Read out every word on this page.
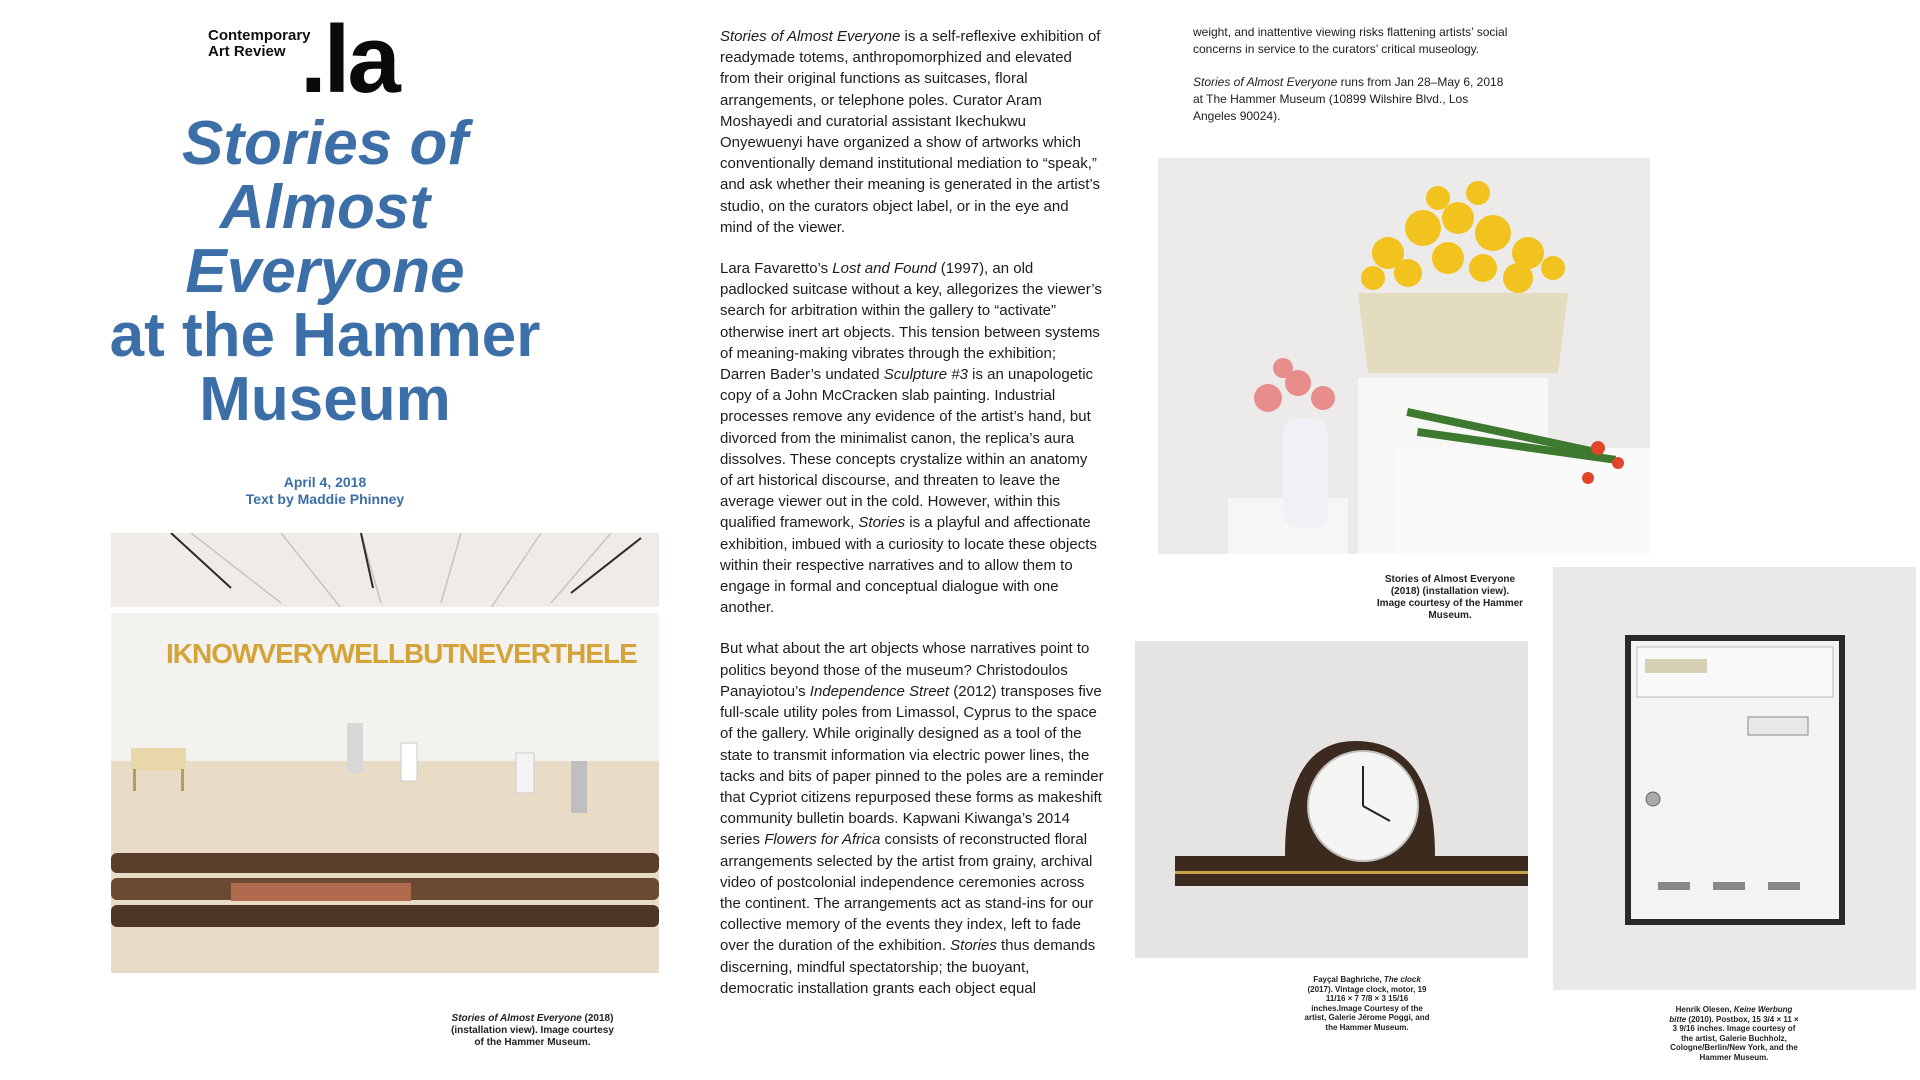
Contemporary
Art Review .la
Stories of
Almost
Everyone
at the Hammer
Museum
April 4, 2018
Text by Maddie Phinney
IKNOWVERYWELLBUTNEVERTHELE
Stories of Almost Everyone (2018) (installation view). Image courtesy of the Hammer Museum.

Stories of Almost Everyone is a self-reflexive exhibition of readymade totems, anthropomorphized and elevated from their original functions as suitcases, floral arrangements, or telephone poles. Curator Aram Moshayedi and curatorial assistant Ikechukwu Onyewuenyi have organized a show of artworks which conventionally demand institutional mediation to “speak,” and ask whether their meaning is generated in the artist’s studio, on the curators object label, or in the eye and mind of the viewer.

Lara Favaretto’s Lost and Found (1997), an old padlocked suitcase without a key, allegorizes the viewer’s search for arbitration within the gallery to “activate” otherwise inert art objects. This tension between systems of meaning-making vibrates through the exhibition; Darren Bader’s undated Sculpture #3 is an unapologetic copy of a John McCracken slab painting. Industrial processes remove any evidence of the artist’s hand, but divorced from the minimalist canon, the replica’s aura dissolves. These concepts crystalize within an anatomy of art historical discourse, and threaten to leave the average viewer out in the cold. However, within this qualified framework, Stories is a playful and affectionate exhibition, imbued with a curiosity to locate these objects within their respective narratives and to allow them to engage in formal and conceptual dialogue with one another.

But what about the art objects whose narratives point to politics beyond those of the museum? Christodoulos Panayiotou’s Independence Street (2012) transposes five full-scale utility poles from Limassol, Cyprus to the space of the gallery. While originally designed as a tool of the state to transmit information via electric power lines, the tacks and bits of paper pinned to the poles are a reminder that Cypriot citizens repurposed these forms as makeshift community bulletin boards. Kapwani Kiwanga’s 2014 series Flowers for Africa consists of reconstructed floral arrangements selected by the artist from grainy, archival video of postcolonial independence ceremonies across the continent. The arrangements act as stand-ins for our collective memory of the events they index, left to fade over the duration of the exhibition. Stories thus demands discerning, mindful spectatorship; the buoyant, democratic installation grants each object equal

weight, and inattentive viewing risks flattening artists’ social concerns in service to the curators’ critical museology.

Stories of Almost Everyone runs from Jan 28–May 6, 2018 at The Hammer Museum (10899 Wilshire Blvd., Los Angeles 90024).

Stories of Almost Everyone (2018) (installation view). Image courtesy of the Hammer Museum.
Fayçal Baghriche, The clock (2017). Vintage clock, motor, 19 11/16 × 7 7/8 × 3 15/16 inches.Image Courtesy of the artist, Galerie Jérome Poggi, and the Hammer Museum.
Henrik Olesen, Keine Werbung bitte (2010). Postbox, 15 3/4 × 11 × 3 9/16 inches. Image courtesy of the artist, Galerie Buchholz, Cologne/Berlin/New York, and the Hammer Museum.
